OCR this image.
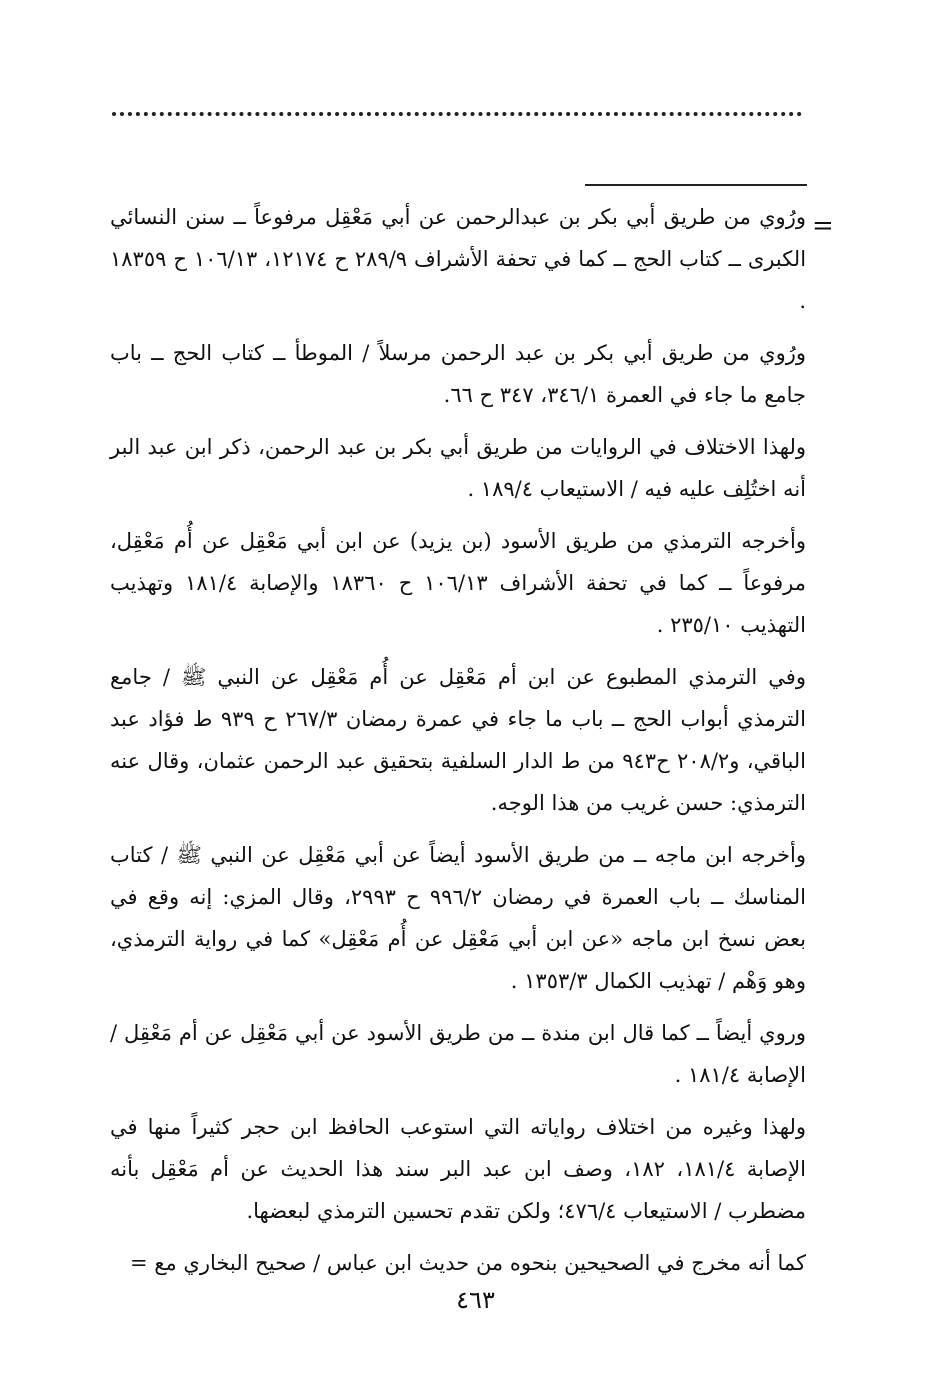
=

ورُوي من طريق أبي بكر بن عبدالرحمن عن أبي مَعْقِل مرفوعاً ــ سنن النسائي الكبرى ــ كتاب الحج ــ كما في تحفة الأشراف ٢٨٩/٩ ح ١٢١٧٤، ١٠٦/١٣ ح ١٨٣٥٩ .

ورُوي من طريق أبي بكر بن عبد الرحمن مرسلاً / الموطأ ــ كتاب الحج ــ باب جامع ما جاء في العمرة ٣٤٦/١، ٣٤٧ ح ٦٦.

ولهذا الاختلاف في الروايات من طريق أبي بكر بن عبد الرحمن، ذكر ابن عبد البر أنه اختُلِف عليه فيه / الاستيعاب ١٨٩/٤ .

وأخرجه الترمذي من طريق الأسود (بن يزيد) عن ابن أبي مَعْقِل عن أُم مَعْقِل، مرفوعاً ــ كما في تحفة الأشراف ١٠٦/١٣ ح ١٨٣٦٠ والإصابة ١٨١/٤ وتهذيب التهذيب ٢٣٥/١٠ .

وفي الترمذي المطبوع عن ابن أم مَعْقِل عن أُم مَعْقِل عن النبي ﷺ / جامع الترمذي أبواب الحج ــ باب ما جاء في عمرة رمضان ٢٦٧/٣ ح ٩٣٩ ط فؤاد عبد الباقي، و٢٠٨/٢ ح٩٤٣ من ط الدار السلفية بتحقيق عبد الرحمن عثمان، وقال عنه الترمذي: حسن غريب من هذا الوجه.

وأخرجه ابن ماجه ــ من طريق الأسود أيضاً عن أبي مَعْقِل عن النبي ﷺ / كتاب المناسك ــ باب العمرة في رمضان ٩٩٦/٢ ح ٢٩٩٣، وقال المزي: إنه وقع في بعض نسخ ابن ماجه «عن ابن أبي مَعْقِل عن أُم مَعْقِل» كما في رواية الترمذي، وهو وَهْم / تهذيب الكمال ١٣٥٣/٣ .

وروي أيضاً ــ كما قال ابن مندة ــ من طريق الأسود عن أبي مَعْقِل عن أم مَعْقِل / الإصابة ١٨١/٤ .

ولهذا وغيره من اختلاف رواياته التي استوعب الحافظ ابن حجر كثيراً منها في الإصابة ١٨١/٤، ١٨٢، وصف ابن عبد البر سند هذا الحديث عن أم مَعْقِل بأنه مضطرب / الاستيعاب ٤٧٦/٤؛ ولكن تقدم تحسين الترمذي لبعضها.

كما أنه مخرج في الصحيحين بنحوه من حديث ابن عباس / صحيح البخاري مع =

٤٦٣
